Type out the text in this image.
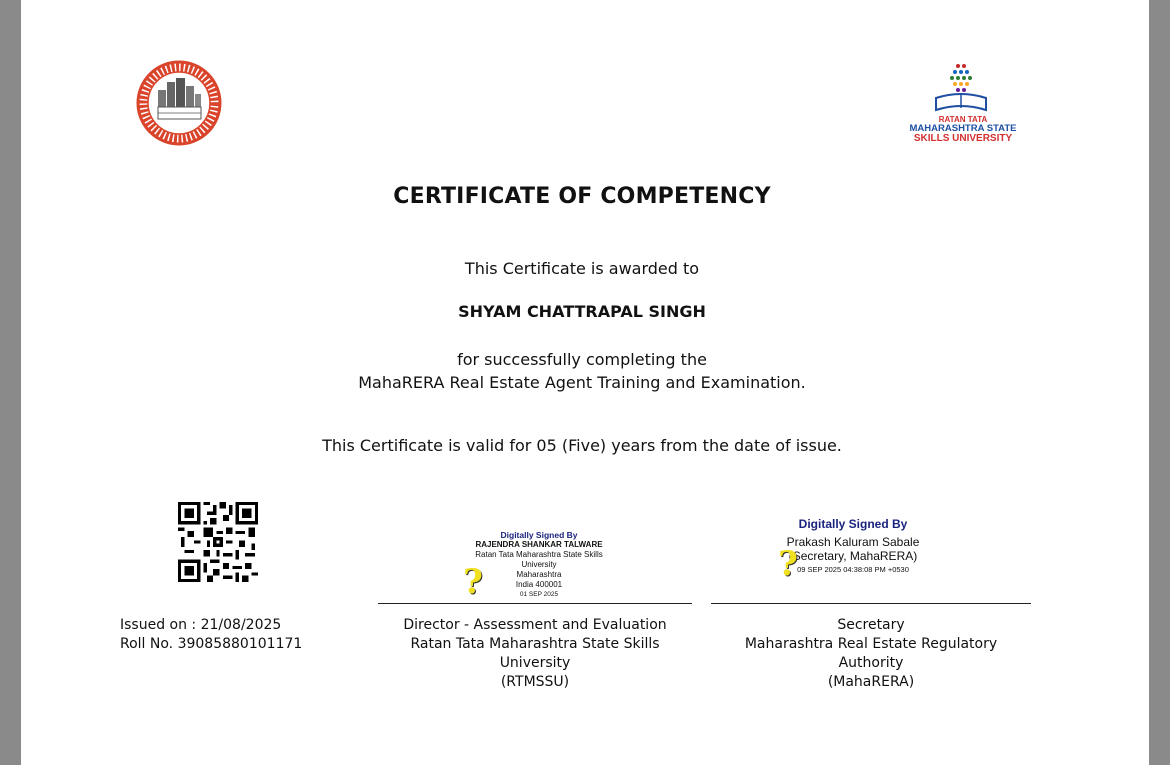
RATAN TATA
MAHARASHTRA STATE
SKILLS UNIVERSITY
CERTIFICATE OF COMPETENCY
This Certificate is awarded to
SHYAM CHATTRAPAL SINGH
for successfully completing the
MahaRERA Real Estate Agent Training and Examination.
This Certificate is valid for 05 (Five) years from the date of issue.
Issued on : 21/08/2025
Roll No. 39085880101171
Digitally Signed By
RAJENDRA SHANKAR TALWARE
Ratan Tata Maharashtra State Skills
University
Maharashtra
India 400001
01 SEP 2025
?
Digitally Signed By
Prakash Kaluram Sabale
(Secretary, MahaRERA)
09 SEP 2025 04:38:08 PM +0530
?
Director - Assessment and Evaluation
Ratan Tata Maharashtra State Skills University
(RTMSSU)
Secretary
Maharashtra Real Estate Regulatory Authority
(MahaRERA)
